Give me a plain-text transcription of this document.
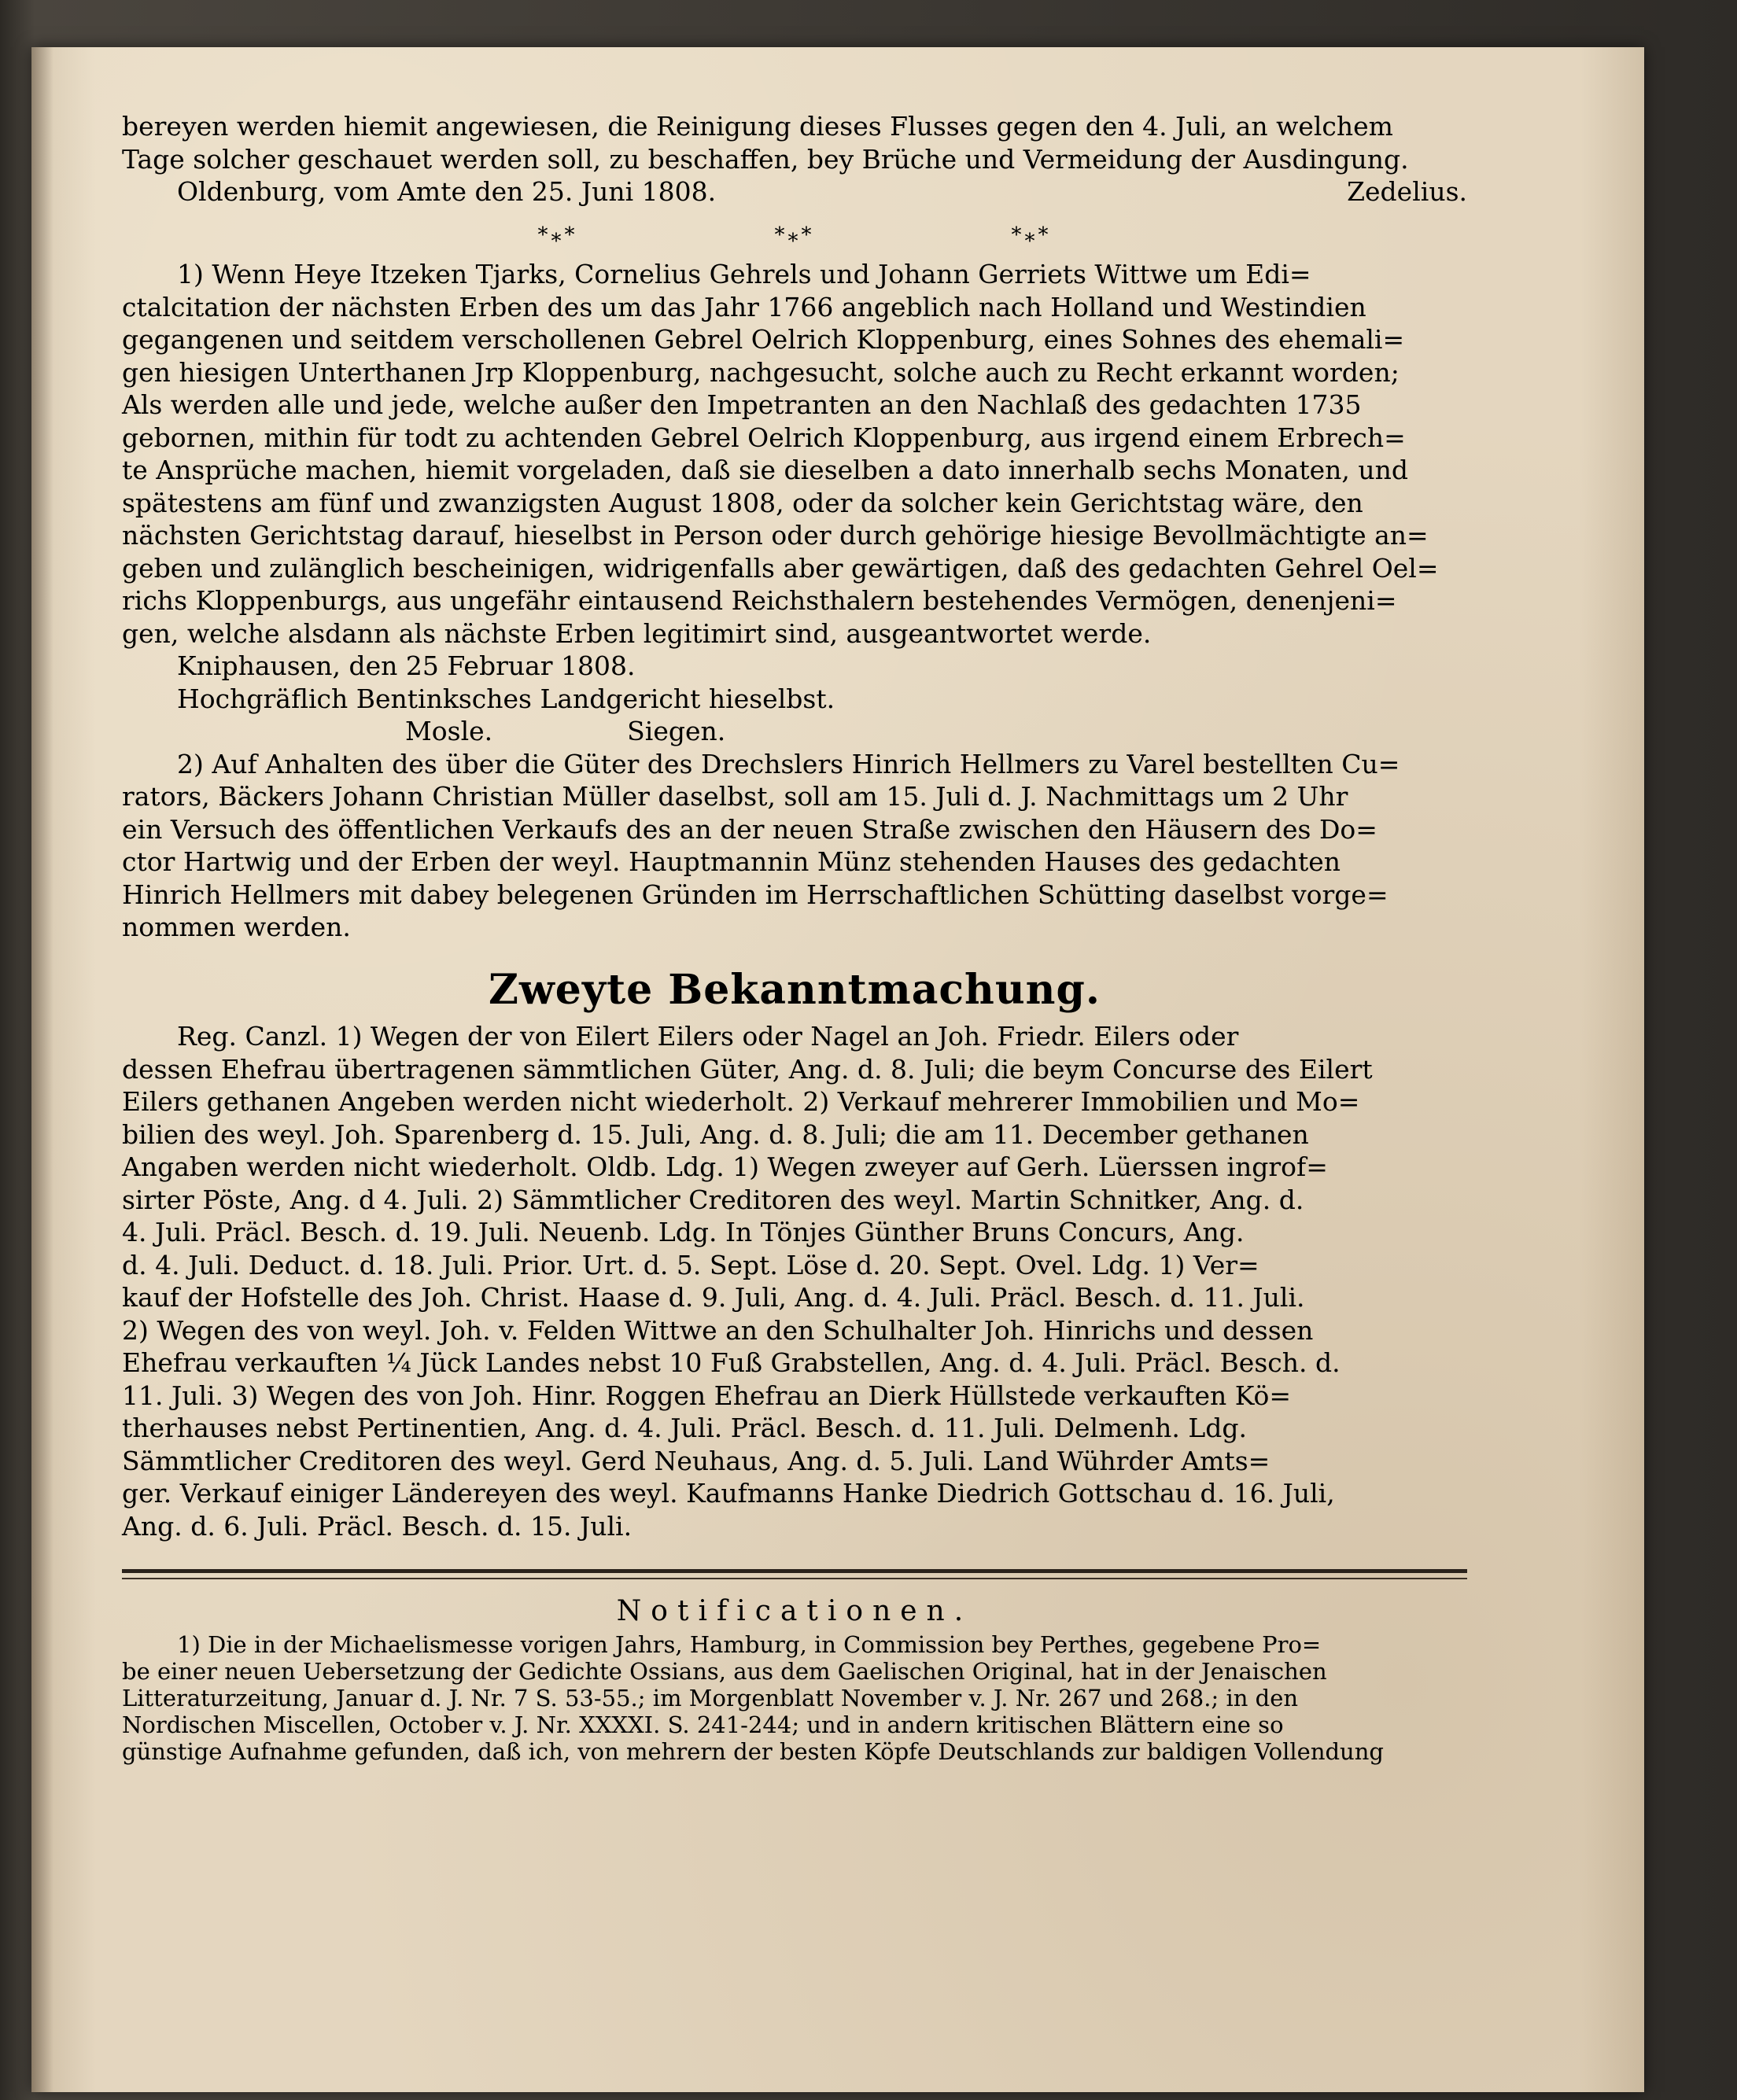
bereyen werden hiemit angewiesen, die Reinigung dieses Flusses gegen den 4. Juli, an welchem
Tage solcher geschauet werden soll, zu beschaffen, bey Brüche und Vermeidung der Ausdingung.
Oldenburg, vom Amte den 25. Juni 1808.	Zedelius.
*⁎*	*⁎*	*⁎*
1) Wenn Heye Itzeken Tjarks, Cornelius Gehrels und Johann Gerriets Wittwe um Edi=
ctalcitation der nächsten Erben des um das Jahr 1766 angeblich nach Holland und Westindien
gegangenen und seitdem verschollenen Gebrel Oelrich Kloppenburg, eines Sohnes des ehemali=
gen hiesigen Unterthanen Jrp Kloppenburg, nachgesucht, solche auch zu Recht erkannt worden;
Als werden alle und jede, welche außer den Impetranten an den Nachlaß des gedachten 1735
gebornen, mithin für todt zu achtenden Gebrel Oelrich Kloppenburg, aus irgend einem Erbrech=
te Ansprüche machen, hiemit vorgeladen, daß sie dieselben a dato innerhalb sechs Monaten, und
spätestens am fünf und zwanzigsten August 1808, oder da solcher kein Gerichtstag wäre, den
nächsten Gerichtstag darauf, hieselbst in Person oder durch gehörige hiesige Bevollmächtigte an=
geben und zulänglich bescheinigen, widrigenfalls aber gewärtigen, daß des gedachten Gehrel Oel=
richs Kloppenburgs, aus ungefähr eintausend Reichsthalern bestehendes Vermögen, denenjeni=
gen, welche alsdann als nächste Erben legitimirt sind, ausgeantwortet werde.
Kniphausen, den 25 Februar 1808.
Hochgräflich Bentinksches Landgericht hieselbst.
Mosle.	Siegen.
2) Auf Anhalten des über die Güter des Drechslers Hinrich Hellmers zu Varel bestellten Cu=
rators, Bäckers Johann Christian Müller daselbst, soll am 15. Juli d. J. Nachmittags um 2 Uhr
ein Versuch des öffentlichen Verkaufs des an der neuen Straße zwischen den Häusern des Do=
ctor Hartwig und der Erben der weyl. Hauptmannin Münz stehenden Hauses des gedachten
Hinrich Hellmers mit dabey belegenen Gründen im Herrschaftlichen Schütting daselbst vorge=
nommen werden.
Zweyte Bekanntmachung.
Reg. Canzl. 1) Wegen der von Eilert Eilers oder Nagel an Joh. Friedr. Eilers oder
dessen Ehefrau übertragenen sämmtlichen Güter, Ang. d. 8. Juli; die beym Concurse des Eilert
Eilers gethanen Angeben werden nicht wiederholt. 2) Verkauf mehrerer Immobilien und Mo=
bilien des weyl. Joh. Sparenberg d. 15. Juli, Ang. d. 8. Juli; die am 11. December gethanen
Angaben werden nicht wiederholt. Oldb. Ldg. 1) Wegen zweyer auf Gerh. Lüerssen ingrof=
sirter Pöste, Ang. d 4. Juli. 2) Sämmtlicher Creditoren des weyl. Martin Schnitker, Ang. d.
4. Juli. Präcl. Besch. d. 19. Juli. Neuenb. Ldg. In Tönjes Günther Bruns Concurs, Ang.
d. 4. Juli. Deduct. d. 18. Juli. Prior. Urt. d. 5. Sept. Löse d. 20. Sept. Ovel. Ldg. 1) Ver=
kauf der Hofstelle des Joh. Christ. Haase d. 9. Juli, Ang. d. 4. Juli. Präcl. Besch. d. 11. Juli.
2) Wegen des von weyl. Joh. v. Felden Wittwe an den Schulhalter Joh. Hinrichs und dessen
Ehefrau verkauften ¼ Jück Landes nebst 10 Fuß Grabstellen, Ang. d. 4. Juli. Präcl. Besch. d.
11. Juli. 3) Wegen des von Joh. Hinr. Roggen Ehefrau an Dierk Hüllstede verkauften Kö=
therhauses nebst Pertinentien, Ang. d. 4. Juli. Präcl. Besch. d. 11. Juli. Delmenh. Ldg.
Sämmtlicher Creditoren des weyl. Gerd Neuhaus, Ang. d. 5. Juli. Land Wührder Amts=
ger. Verkauf einiger Ländereyen des weyl. Kaufmanns Hanke Diedrich Gottschau d. 16. Juli,
Ang. d. 6. Juli. Präcl. Besch. d. 15. Juli.
Notificationen.
1) Die in der Michaelismesse vorigen Jahrs, Hamburg, in Commission bey Perthes, gegebene Pro=
be einer neuen Uebersetzung der Gedichte Ossians, aus dem Gaelischen Original, hat in der Jenaischen
Litteraturzeitung, Januar d. J. Nr. 7 S. 53-55.; im Morgenblatt November v. J. Nr. 267 und 268.; in den
Nordischen Miscellen, October v. J. Nr. XXXXI. S. 241-244; und in andern kritischen Blättern eine so
günstige Aufnahme gefunden, daß ich, von mehrern der besten Köpfe Deutschlands zur baldigen Vollendung
